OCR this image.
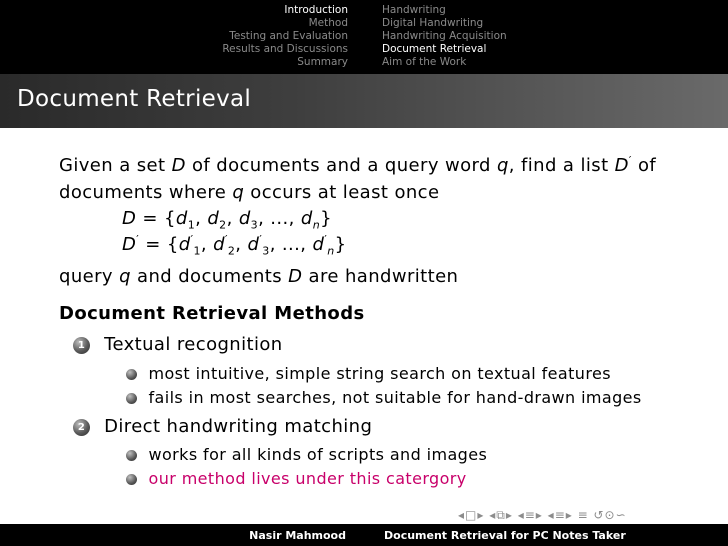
Introduction
Method
Testing and Evaluation
Results and Discussions
Summary
Handwriting
Digital Handwriting
Handwriting Acquisition
Document Retrieval
Aim of the Work
Document Retrieval
Given a set D of documents and a query word q, find a list D′ of
documents where q occurs at least once
$D = \{d_1$, $d_2$, $d_3$, ..., $d_n$}
$D' = \{d'_1$, $d'_2$, $d'_3$, ..., $d'_n$}
query q and documents D are handwritten
Document Retrieval Methods
1 Textual recognition
most intuitive, simple string search on textual features
fails in most searches, not suitable for hand-drawn images
2 Direct handwriting matching
works for all kinds of scripts and images
our method lives under this catergory
◂□▸ ◂⧉▸ ◂≡▸ ◂≡▸ ≡ ↺⊙∽
Nasir Mahmood	Document Retrieval for PC Notes Taker
